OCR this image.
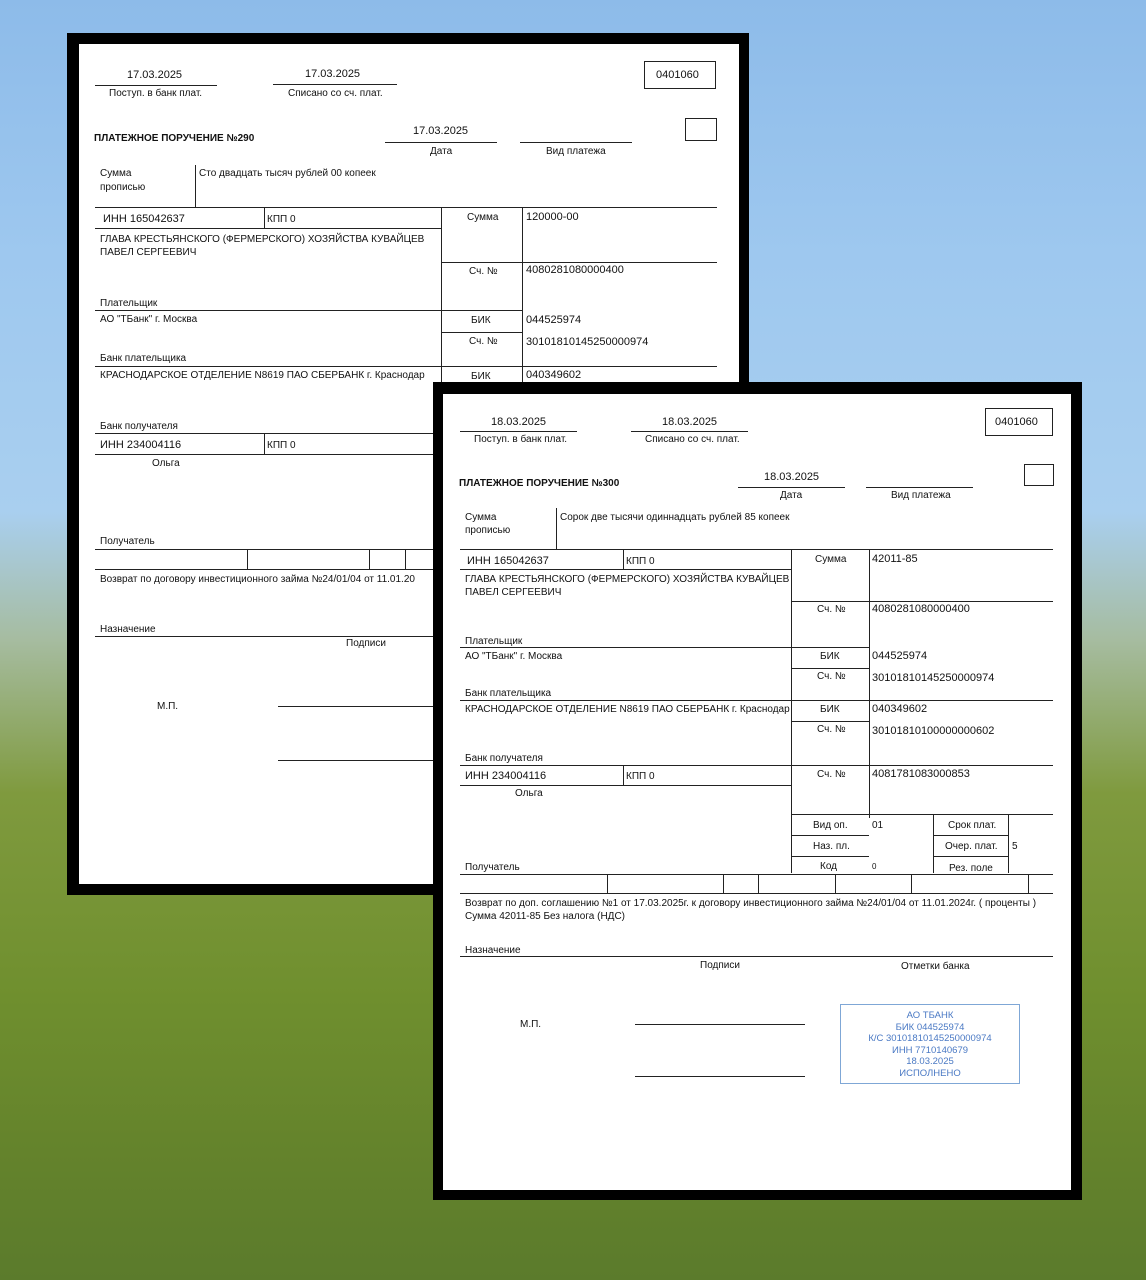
17.03.2025
Поступ. в банк плат.
17.03.2025
Списано со сч. плат.
0401060
ПЛАТЕЖНОЕ ПОРУЧЕНИЕ №290
17.03.2025
Дата	Вид платежа
Сумма
прописью
Сто двадцать тысяч рублей 00 копеек
ИНН 165042637	КПП 0	Сумма	120000-00
ГЛАВА КРЕСТЬЯНСКОГО (ФЕРМЕРСКОГО) ХОЗЯЙСТВА КУВАЙЦЕВ
ПАВЕЛ СЕРГЕЕВИЧ
Сч. №	4080281080000400
Плательщик
АО "ТБанк" г. Москва	БИК	044525974
Сч. №	30101810145250000974
Банк плательщика
КРАСНОДАРСКОЕ ОТДЕЛЕНИЕ N8619 ПАО СБЕРБАНК г. Краснодар	БИК	040349602
Банк получателя
ИНН 234004116	КПП 0
Ольга
Получатель
Возврат по договору инвестиционного займа №24/01/04 от 11.01.20
Назначение
Подписи
М.П.
18.03.2025
Поступ. в банк плат.
18.03.2025
Списано со сч. плат.
0401060
ПЛАТЕЖНОЕ ПОРУЧЕНИЕ №300
18.03.2025
Дата	Вид платежа
Сумма
прописью
Сорок две тысячи одиннадцать рублей 85 копеек
ИНН 165042637	КПП 0	Сумма 42011-85
ГЛАВА КРЕСТЬЯНСКОГО (ФЕРМЕРСКОГО) ХОЗЯЙСТВА КУВАЙЦЕВ
ПАВЕЛ СЕРГЕЕВИЧ
Сч. № 4080281080000400
Плательщик
АО "ТБанк" г. Москва	БИК	044525974
Сч. № 30101810145250000974
Банк плательщика
КРАСНОДАРСКОЕ ОТДЕЛЕНИЕ N8619 ПАО СБЕРБАНК г. Краснодар	БИК	040349602
Сч. № 30101810100000000602
Банк получателя
ИНН 234004116	КПП 0	Сч. № 4081781083000853
Ольга
Вид оп. 01	Срок плат.
Наз. пл.	Очер. плат. 5
Код	0	Рез. поле
Получатель
Возврат по доп. соглашению №1 от 17.03.2025г. к договору инвестиционного займа №24/01/04 от 11.01.2024г. ( проценты )
Сумма 42011-85 Без налога (НДС)
Назначение
Подписи	Отметки банка
М.П.
АО ТБАНК
БИК 044525974
К/С 30101810145250000974
ИНН 7710140679
18.03.2025
ИСПОЛНЕНО
